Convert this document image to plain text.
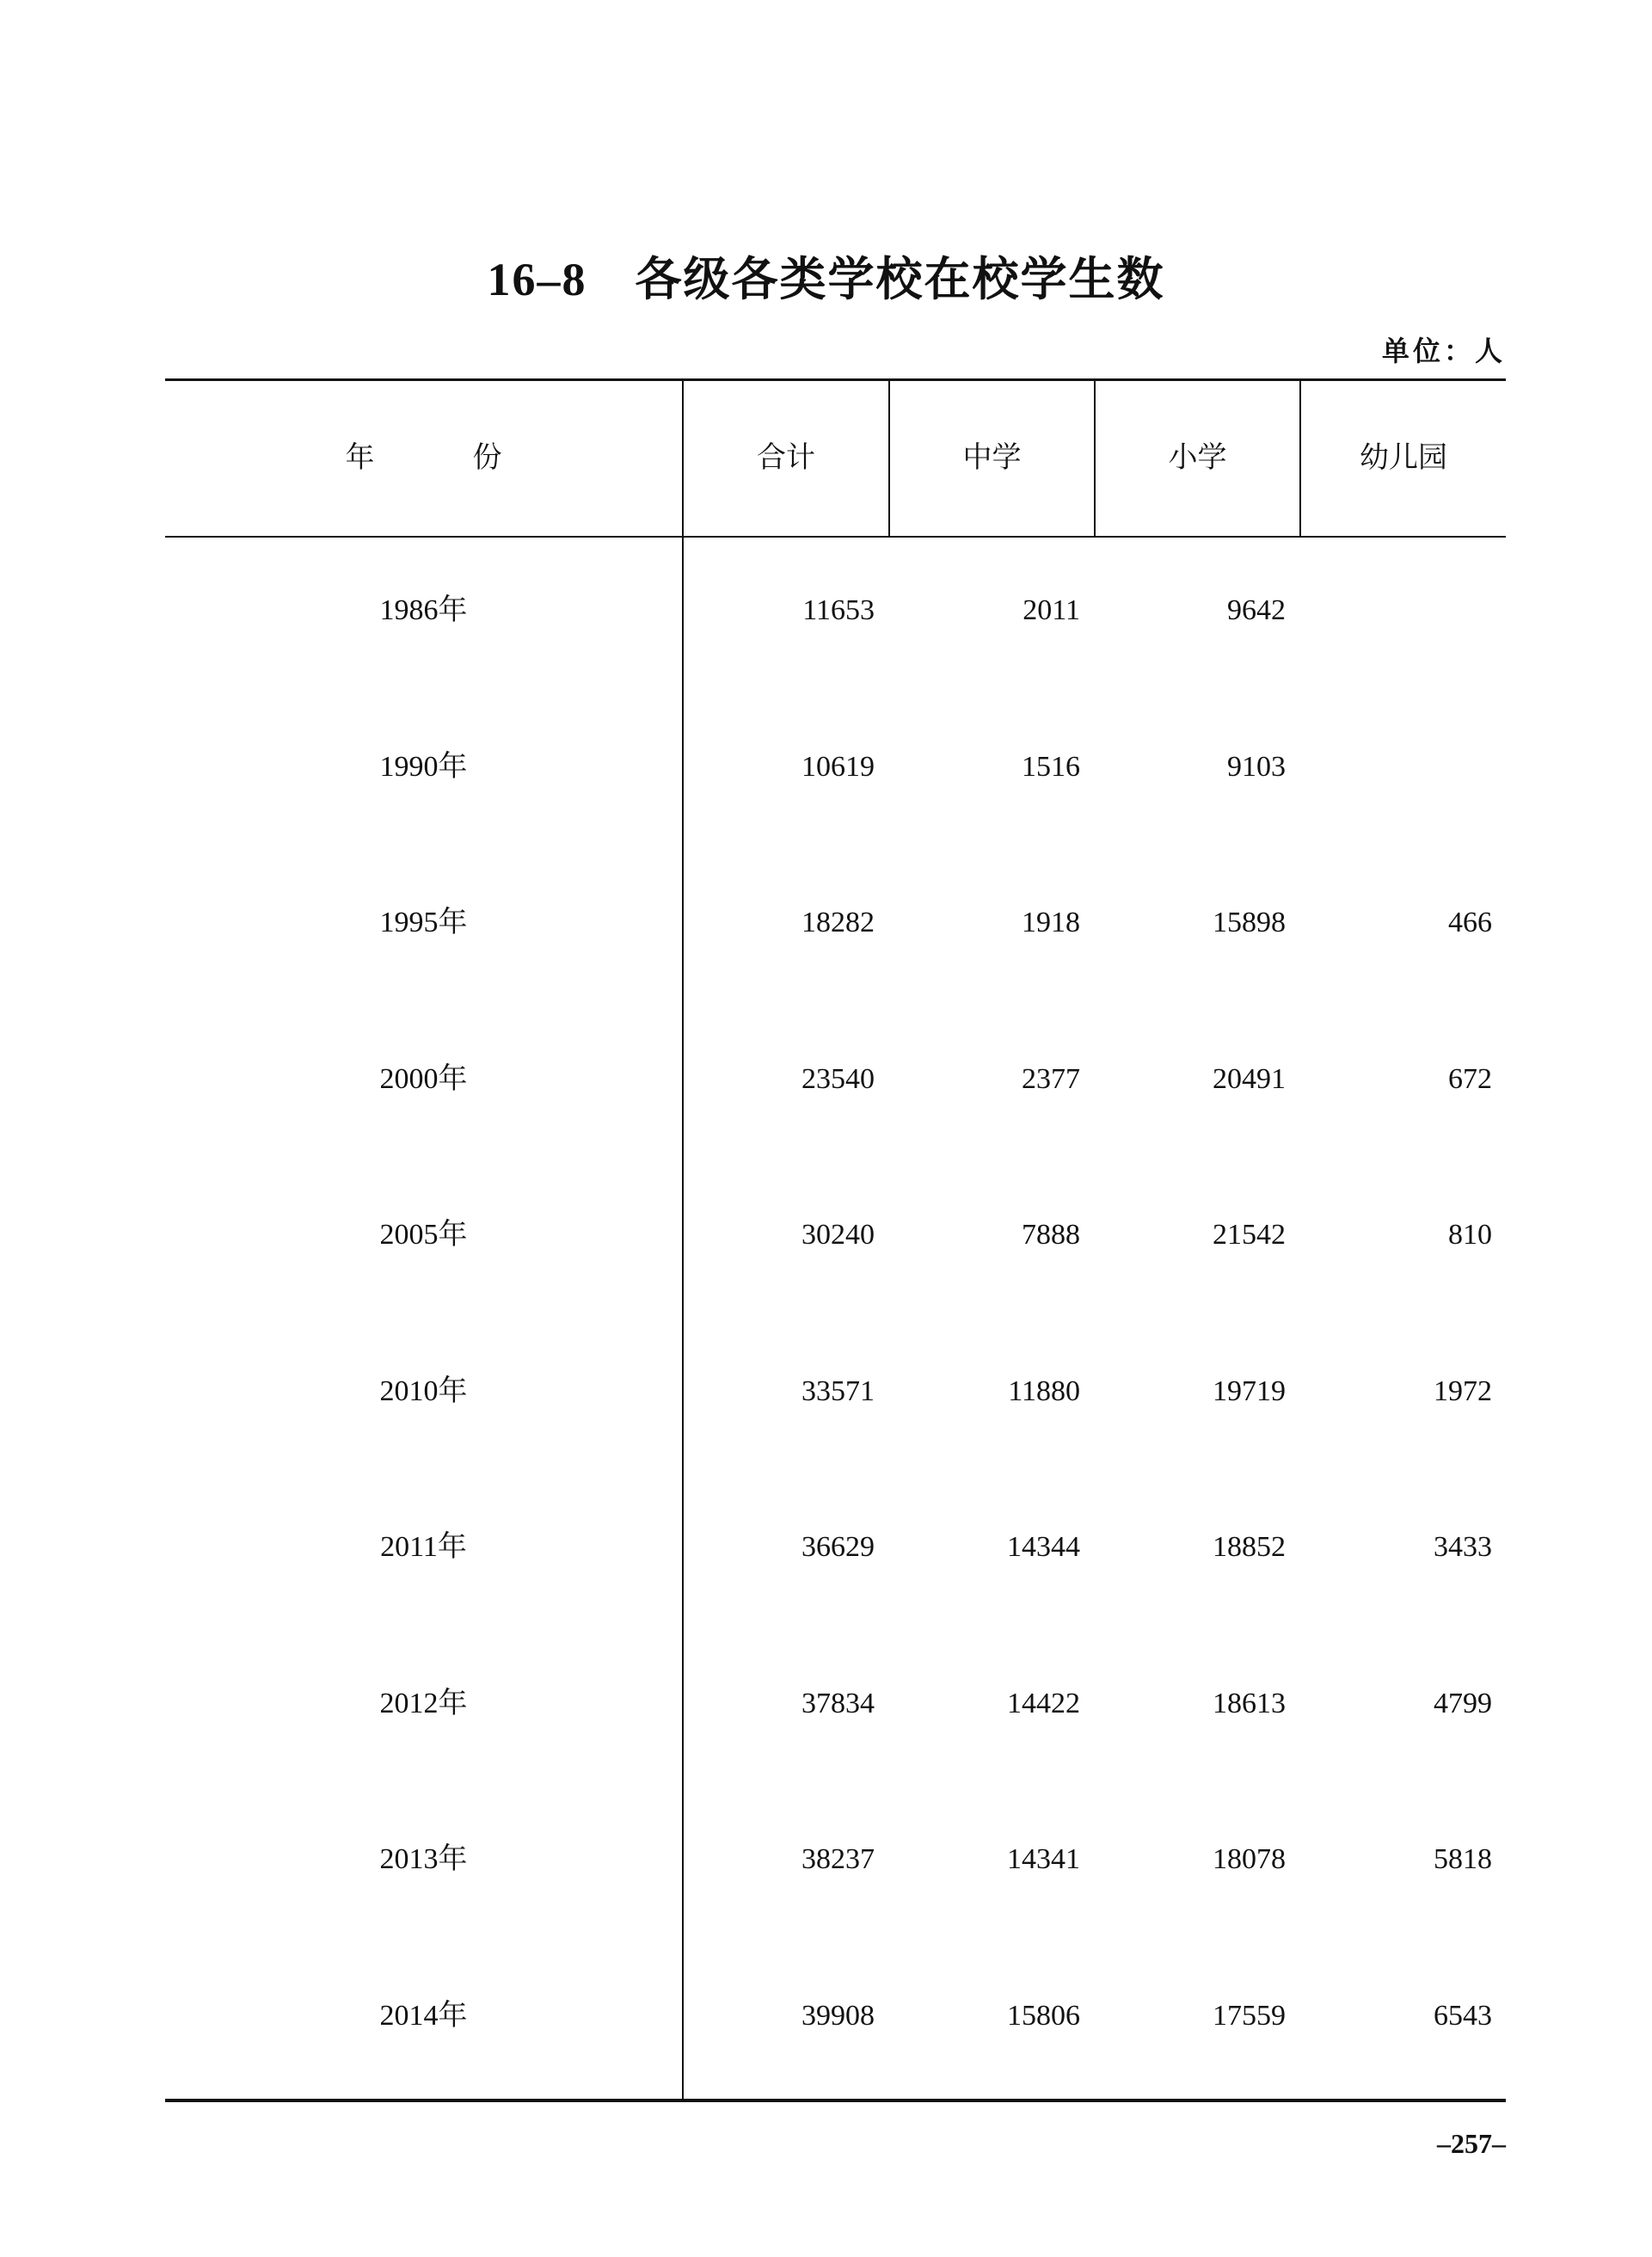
16–8 各级各类学校在校学生数
单位：人
年　份	合计	中学	小学	幼儿园
1986年	11653	2011	9642
1990年	10619	1516	9103
1995年	18282	1918	15898	466
2000年	23540	2377	20491	672
2005年	30240	7888	21542	810
2010年	33571	11880	19719	1972
2011年	36629	14344	18852	3433
2012年	37834	14422	18613	4799
2013年	38237	14341	18078	5818
2014年	39908	15806	17559	6543
–257–
